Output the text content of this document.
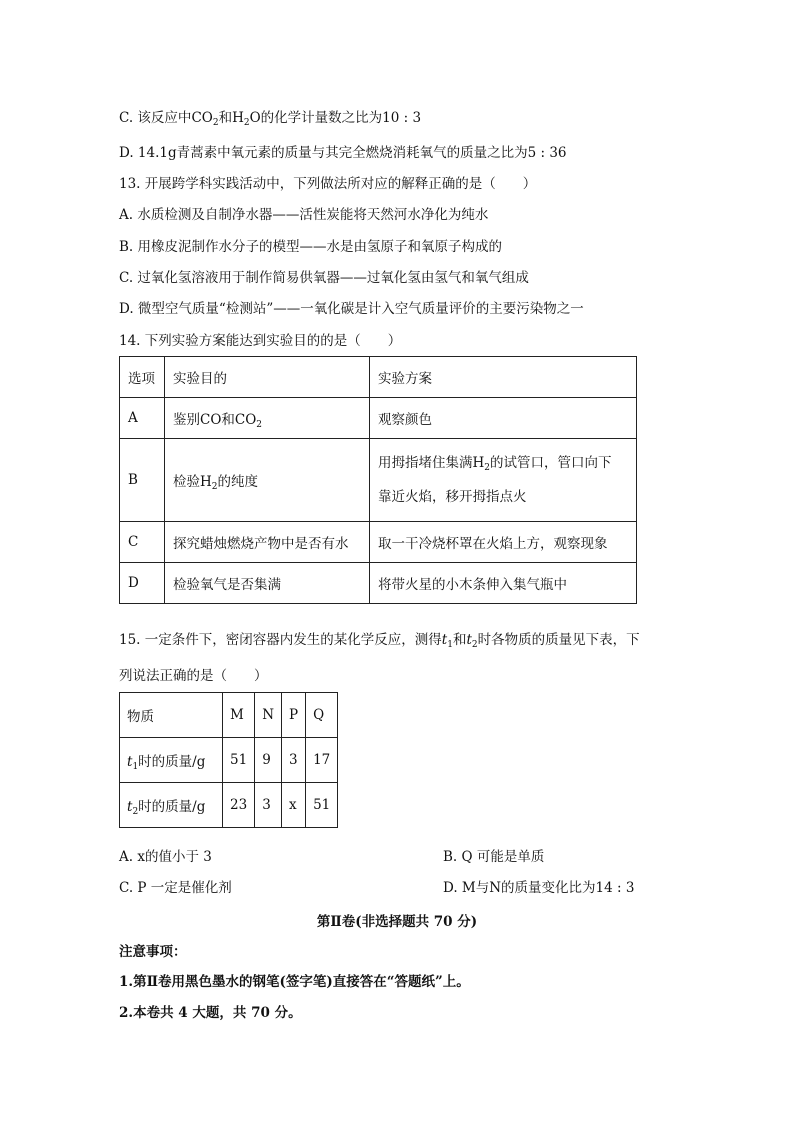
C. 该反应中$CO_2$和$H_2O$的化学计量数之比为10 : 3
D. 14.1g青蒿素中氧元素的质量与其完全燃烧消耗氧气的质量之比为5 : 36
13. 开展跨学科实践活动中，下列做法所对应的解释正确的是（　　）
A. 水质检测及自制净水器——活性炭能将天然河水净化为纯水
B. 用橡皮泥制作水分子的模型——水是由氢原子和氧原子构成的
C. 过氧化氢溶液用于制作简易供氧器——过氧化氢由氢气和氧气组成
D. 微型空气质量“检测站”——一氧化碳是计入空气质量评价的主要污染物之一
14. 下列实验方案能达到实验目的的是（　　）
选项	实验目的	实验方案
A	鉴别CO和$CO_2$	观察颜色
B	检验$H_2$的纯度	用拇指堵住集满$H_2$的试管口，管口向下
靠近火焰，移开拇指点火

C	探究蜡烛燃烧产物中是否有水	取一干冷烧杯罩在火焰上方，观察现象
D	检验氧气是否集满	将带火星的小木条伸入集气瓶中
15. 一定条件下，密闭容器内发生的某化学反应，测得$t_1$和$t_2$时各物质的质量见下表，下
列说法正确的是（　　）
物质	M	N	P	Q
$t_1$时的质量/g	51	9	3	17
$t_2$时的质量/g	23	3	x	51
A. x的值小于 3	B. Q 可能是单质
C. P 一定是催化剂	D. M与N的质量变化比为14 : 3
第Ⅱ卷(非选择题共 70 分)
注意事项：
1.第Ⅱ卷用黑色墨水的钢笔(签字笔)直接答在“答题纸”上。
2.本卷共 4 大题，共 70 分。
